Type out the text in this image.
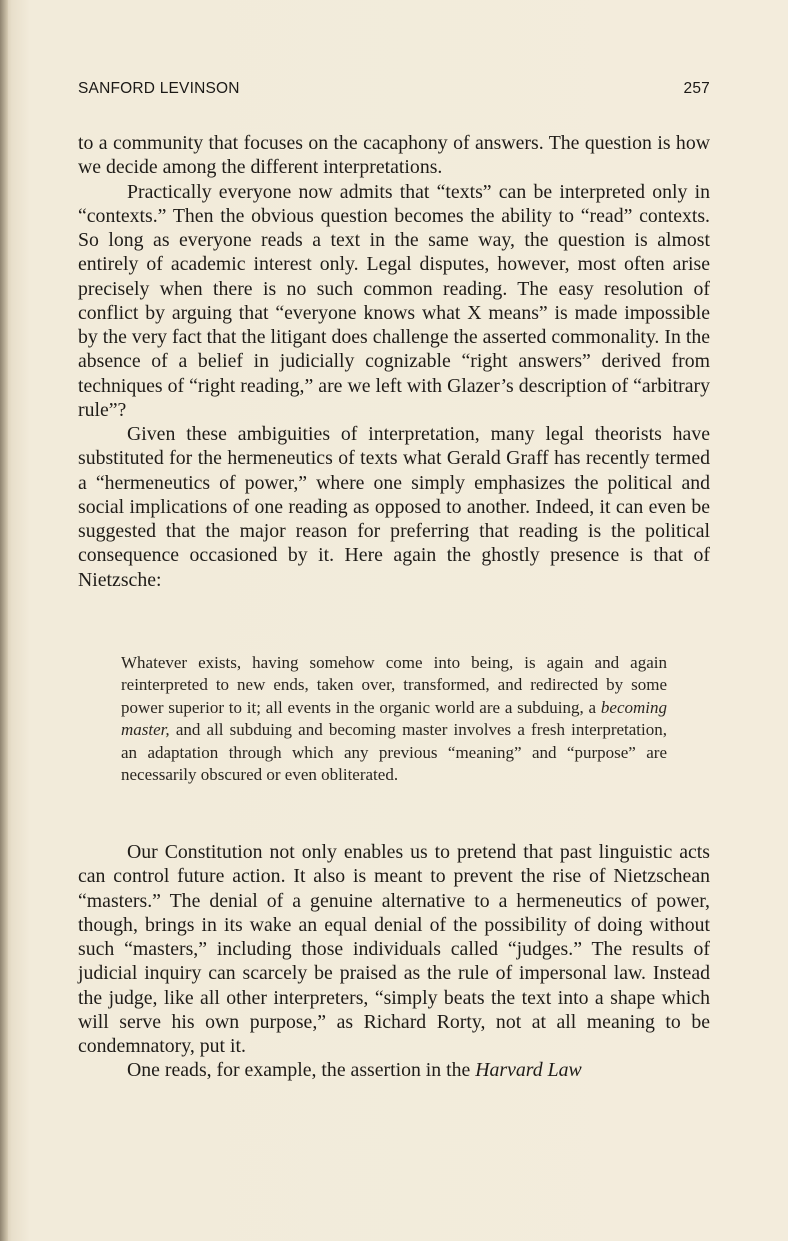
SANFORD LEVINSON	257

to a community that focuses on the cacaphony of answers. The question is how we decide among the different interpretations.

Practically everyone now admits that “texts” can be interpreted only in “contexts.” Then the obvious question becomes the ability to “read” contexts. So long as everyone reads a text in the same way, the question is almost entirely of academic interest only. Legal disputes, however, most often arise precisely when there is no such common reading. The easy resolution of conflict by arguing that “everyone knows what X means” is made impossible by the very fact that the litigant does challenge the asserted commonality. In the absence of a belief in judicially cognizable “right answers” derived from techniques of “right reading,” are we left with Glazer’s description of “arbitrary rule”?

Given these ambiguities of interpretation, many legal theorists have substituted for the hermeneutics of texts what Gerald Graff has recently termed a “hermeneutics of power,” where one simply emphasizes the political and social implications of one reading as opposed to another. Indeed, it can even be suggested that the major reason for preferring that reading is the political consequence occasioned by it. Here again the ghostly presence is that of Nietzsche:

Whatever exists, having somehow come into being, is again and again reinterpreted to new ends, taken over, transformed, and redirected by some power superior to it; all events in the organic world are a subduing, a becoming master, and all subduing and becoming master involves a fresh interpretation, an adaptation through which any previous “meaning” and “purpose” are necessarily obscured or even obliterated.

Our Constitution not only enables us to pretend that past linguistic acts can control future action. It also is meant to prevent the rise of Nietzschean “masters.” The denial of a genuine alternative to a hermeneutics of power, though, brings in its wake an equal denial of the possibility of doing without such “masters,” including those individuals called “judges.” The results of judicial inquiry can scarcely be praised as the rule of impersonal law. Instead the judge, like all other interpreters, “simply beats the text into a shape which will serve his own purpose,” as Richard Rorty, not at all meaning to be condemnatory, put it.

One reads, for example, the assertion in the Harvard Law
